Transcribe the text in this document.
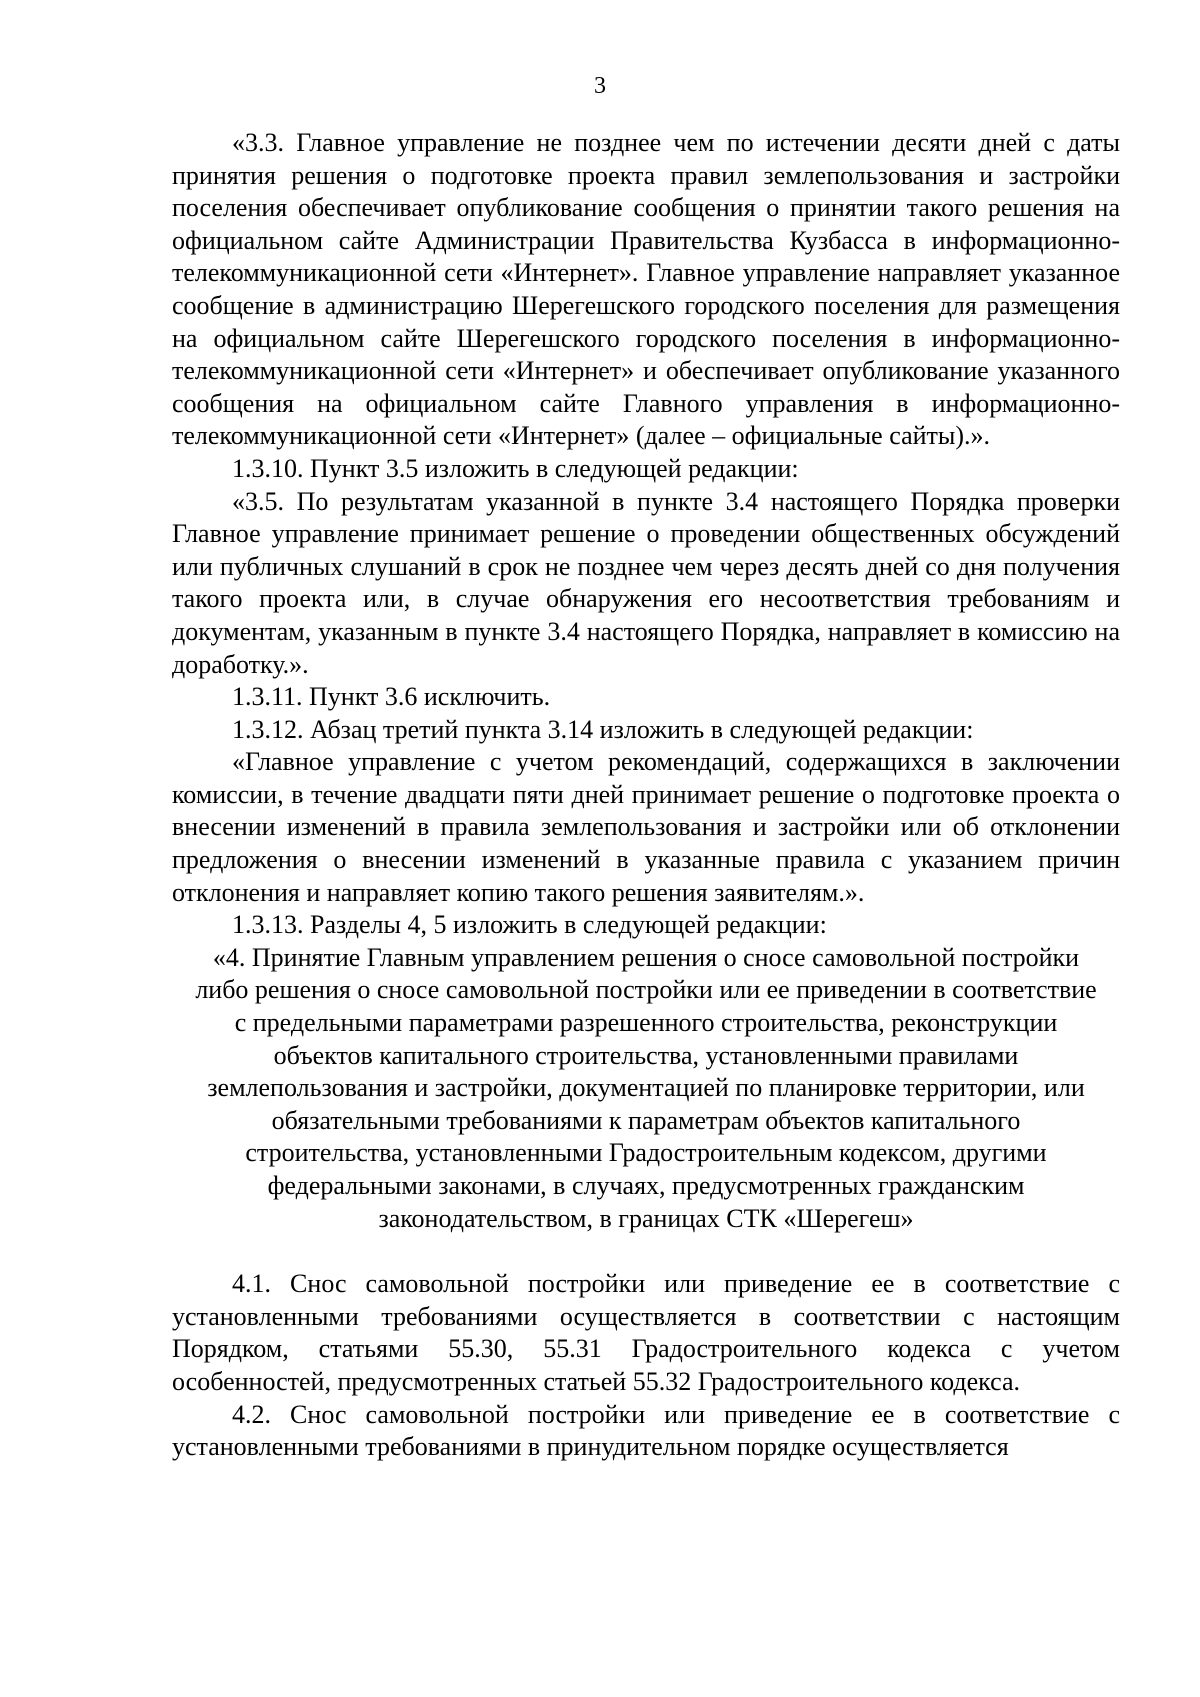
3

«3.3. Главное управление не позднее чем по истечении десяти дней с даты принятия решения о подготовке проекта правил землепользования и застройки поселения обеспечивает опубликование сообщения о принятии такого решения на официальном сайте Администрации Правительства Кузбасса в информационно-телекоммуникационной сети «Интернет». Главное управление направляет указанное сообщение в администрацию Шерегешского городского поселения для размещения на официальном сайте Шерегешского городского поселения в информационно-телекоммуникационной сети «Интернет» и обеспечивает опубликование указанного сообщения на официальном сайте Главного управления в информационно-телекоммуникационной сети «Интернет» (далее – официальные сайты).».

1.3.10. Пункт 3.5 изложить в следующей редакции:

«3.5. По результатам указанной в пункте 3.4 настоящего Порядка проверки Главное управление принимает решение о проведении общественных обсуждений или публичных слушаний в срок не позднее чем через десять дней со дня получения такого проекта или, в случае обнаружения его несоответствия требованиям и документам, указанным в пункте 3.4 настоящего Порядка, направляет в комиссию на доработку.».

1.3.11. Пункт 3.6 исключить.

1.3.12. Абзац третий пункта 3.14 изложить в следующей редакции:

«Главное управление с учетом рекомендаций, содержащихся в заключении комиссии, в течение двадцати пяти дней принимает решение о подготовке проекта о внесении изменений в правила землепользования и застройки или об отклонении предложения о внесении изменений в указанные правила с указанием причин отклонения и направляет копию такого решения заявителям.».

1.3.13. Разделы 4, 5 изложить в следующей редакции:

«4. Принятие Главным управлением решения о сносе самовольной постройки либо решения о сносе самовольной постройки или ее приведении в соответствие с предельными параметрами разрешенного строительства, реконструкции объектов капитального строительства, установленными правилами землепользования и застройки, документацией по планировке территории, или обязательными требованиями к параметрам объектов капитального строительства, установленными Градостроительным кодексом, другими федеральными законами, в случаях, предусмотренных гражданским законодательством, в границах СТК «Шерегеш»

4.1. Снос самовольной постройки или приведение ее в соответствие с установленными требованиями осуществляется в соответствии с настоящим Порядком, статьями 55.30, 55.31 Градостроительного кодекса с учетом особенностей, предусмотренных статьей 55.32 Градостроительного кодекса.

4.2. Снос самовольной постройки или приведение ее в соответствие с установленными требованиями в принудительном порядке осуществляется
